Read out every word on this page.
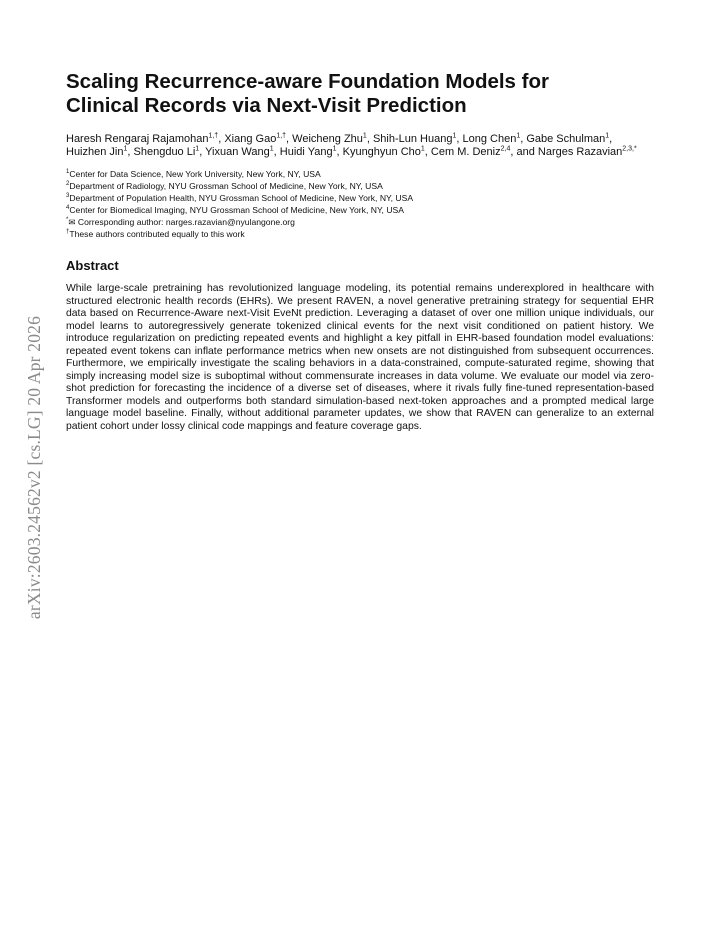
arXiv:2603.24562v2 [cs.LG] 20 Apr 2026
Scaling Recurrence-aware Foundation Models for
Clinical Records via Next-Visit Prediction
Haresh Rengaraj Rajamohan$^{1,\dagger}$, Xiang Gao$^{1,\dagger}$, Weicheng Zhu$^1$, Shih-Lun Huang$^1$, Long Chen$^1$, Gabe Schulman$^1$, Huizhen Jin$^1$, Shengduo Li$^1$, Yixuan Wang$^1$, Huidi Yang$^1$, Kyunghyun Cho$^1$, Cem M. Deniz$^{2,4}$, and Narges Razavian$^{2,3,*}$
$^1$Center for Data Science, New York University, New York, NY, USA
$^2$Department of Radiology, NYU Grossman School of Medicine, New York, NY, USA
$^3$Department of Population Health, NYU Grossman School of Medicine, New York, NY, USA
$^4$Center for Biomedical Imaging, NYU Grossman School of Medicine, New York, NY, USA
*✉ Corresponding author: narges.razavian@nyulangone.org
†These authors contributed equally to this work
Abstract
While large-scale pretraining has revolutionized language modeling, its potential remains underexplored in healthcare with structured electronic health records (EHRs). We present RAVEN, a novel generative pretraining strategy for sequential EHR data based on Recurrence-Aware next-Visit EveNt prediction. Leveraging a dataset of over one million unique individuals, our model learns to autoregressively generate tokenized clinical events for the next visit conditioned on patient history. We introduce regularization on predicting repeated events and highlight a key pitfall in EHR-based foundation model evaluations: repeated event tokens can inflate performance metrics when new onsets are not distinguished from subsequent occurrences. Furthermore, we empirically investigate the scaling behaviors in a data-constrained, compute-saturated regime, showing that simply increasing model size is suboptimal without commensurate increases in data volume. We evaluate our model via zero-shot prediction for forecasting the incidence of a diverse set of diseases, where it rivals fully fine-tuned representation-based Transformer models and outperforms both standard simulation-based next-token approaches and a prompted medical large language model baseline. Finally, without additional parameter updates, we show that RAVEN can generalize to an external patient cohort under lossy clinical code mappings and feature coverage gaps.
